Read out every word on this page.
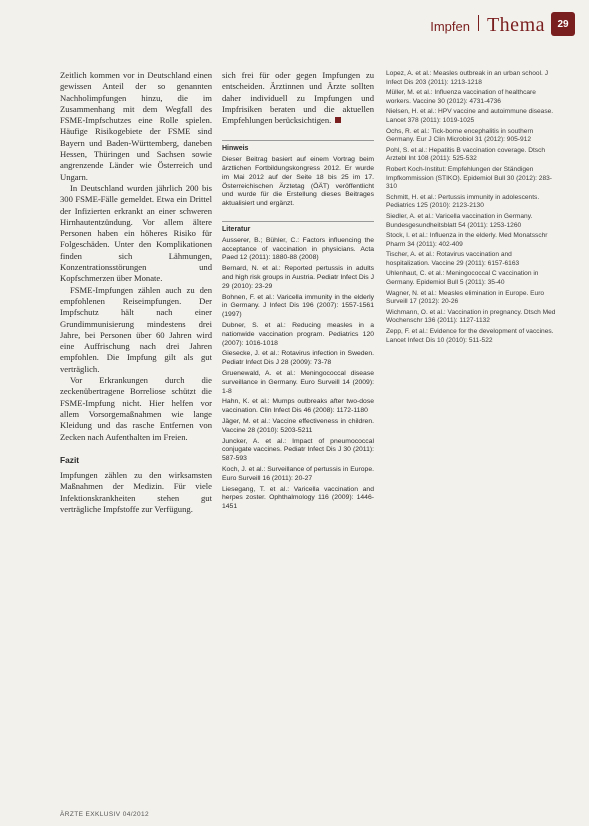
Impfen Thema	29

Zeitlich kommen vor in Deutschland einen gewissen Anteil der so genannten Nachholimpfungen hinzu, die im Zusammenhang mit dem Wegfall des FSME-Impfschutzes eine Rolle spielen. Häufige Risikogebiete der FSME sind Bayern und Baden-Württemberg, daneben Hessen, Thüringen und Sachsen sowie angrenzende Länder wie Österreich und Ungarn.

In Deutschland wurden jährlich 200 bis 300 FSME-Fälle gemeldet. Etwa ein Drittel der Infizierten erkrankt an einer schweren Hirnhautentzündung. Vor allem ältere Personen haben ein höheres Risiko für Folgeschäden. Unter den Komplikationen finden sich Lähmungen, Konzentrationsstörungen und Kopfschmerzen über Monate.

FSME-Impfungen zählen auch zu den empfohlenen Reiseimpfungen. Der Impfschutz hält nach einer Grundimmunisierung mindestens drei Jahre, bei Personen über 60 Jahren wird eine Auffrischung nach drei Jahren empfohlen. Die Impfung gilt als gut verträglich.

Vor Erkrankungen durch die zeckenübertragene Borreliose schützt die FSME-Impfung nicht. Hier helfen vor allem Vorsorgemaßnahmen wie lange Kleidung und das rasche Entfernen von Zecken nach Aufenthalten im Freien.

Fazit

Impfungen zählen zu den wirksamsten Maßnahmen der Medizin. Für viele Infektionskrankheiten stehen gut verträgliche Impfstoffe zur Verfügung.

sich frei für oder gegen Impfungen zu entscheiden. Ärztinnen und Ärzte sollten daher individuell zu Impfungen und Impfrisiken beraten und die aktuellen Empfehlungen berücksichtigen.

Hinweis
Dieser Beitrag basiert auf einem Vortrag beim ärztlichen Fortbildungskongress 2012. Er wurde im Mai 2012 auf der Seite 18 bis 25 im 17. Österreichischen Ärztetag (ÖÄT) veröffentlicht und wurde für die Erstellung dieses Beitrages aktualisiert und ergänzt.
Literatur
Ausserer, B.; Bühler, C.: Factors influencing the acceptance of vaccination in physicians. Acta Paed 12 (2011): 1880-88 (2008)
Bernard, N. et al.: Reported pertussis in adults and high risk groups in Austria. Pediatr Infect Dis J 29 (2010): 23-29
Bohnen, F. et al.: Varicella immunity in the elderly in Germany. J Infect Dis 196 (2007): 1557-1561 (1997)
Dubner, S. et al.: Reducing measles in a nationwide vaccination program. Pediatrics 120 (2007): 1016-1018
Giesecke, J. et al.: Rotavirus infection in Sweden. Pediatr Infect Dis J 28 (2009): 73-78
Gruenewald, A. et al.: Meningococcal disease surveillance in Germany. Euro Surveill 14 (2009): 1-8
Hahn, K. et al.: Mumps outbreaks after two-dose vaccination. Clin Infect Dis 46 (2008): 1172-1180
Jäger, M. et al.: Vaccine effectiveness in children. Vaccine 28 (2010): 5203-5211
Juncker, A. et al.: Impact of pneumococcal conjugate vaccines. Pediatr Infect Dis J 30 (2011): 587-593
Koch, J. et al.: Surveillance of pertussis in Europe. Euro Surveill 16 (2011): 20-27
Liesegang, T. et al.: Varicella vaccination and herpes zoster. Ophthalmology 116 (2009): 1446-1451
Lopez, A. et al.: Measles outbreak in an urban school. J Infect Dis 203 (2011): 1213-1218
Müller, M. et al.: Influenza vaccination of healthcare workers. Vaccine 30 (2012): 4731-4736
Nielsen, H. et al.: HPV vaccine and autoimmune disease. Lancet 378 (2011): 1019-1025
Ochs, R. et al.: Tick-borne encephalitis in southern Germany. Eur J Clin Microbiol 31 (2012): 905-912
Pohl, S. et al.: Hepatitis B vaccination coverage. Dtsch Arztebl Int 108 (2011): 525-532
Robert Koch-Institut: Empfehlungen der Ständigen Impfkommission (STIKO). Epidemiol Bull 30 (2012): 283-310
Schmitt, H. et al.: Pertussis immunity in adolescents. Pediatrics 125 (2010): 2123-2130
Siedler, A. et al.: Varicella vaccination in Germany. Bundesgesundheitsblatt 54 (2011): 1253-1260
Stock, I. et al.: Influenza in the elderly. Med Monatsschr Pharm 34 (2011): 402-409
Tischer, A. et al.: Rotavirus vaccination and hospitalization. Vaccine 29 (2011): 6157-6163
Uhlenhaut, C. et al.: Meningococcal C vaccination in Germany. Epidemiol Bull 5 (2011): 35-40
Wagner, N. et al.: Measles elimination in Europe. Euro Surveill 17 (2012): 20-26
Wichmann, O. et al.: Vaccination in pregnancy. Dtsch Med Wochenschr 136 (2011): 1127-1132
Zepp, F. et al.: Evidence for the development of vaccines. Lancet Infect Dis 10 (2010): 511-522
ÄRZTE EXKLUSIV 04/2012
